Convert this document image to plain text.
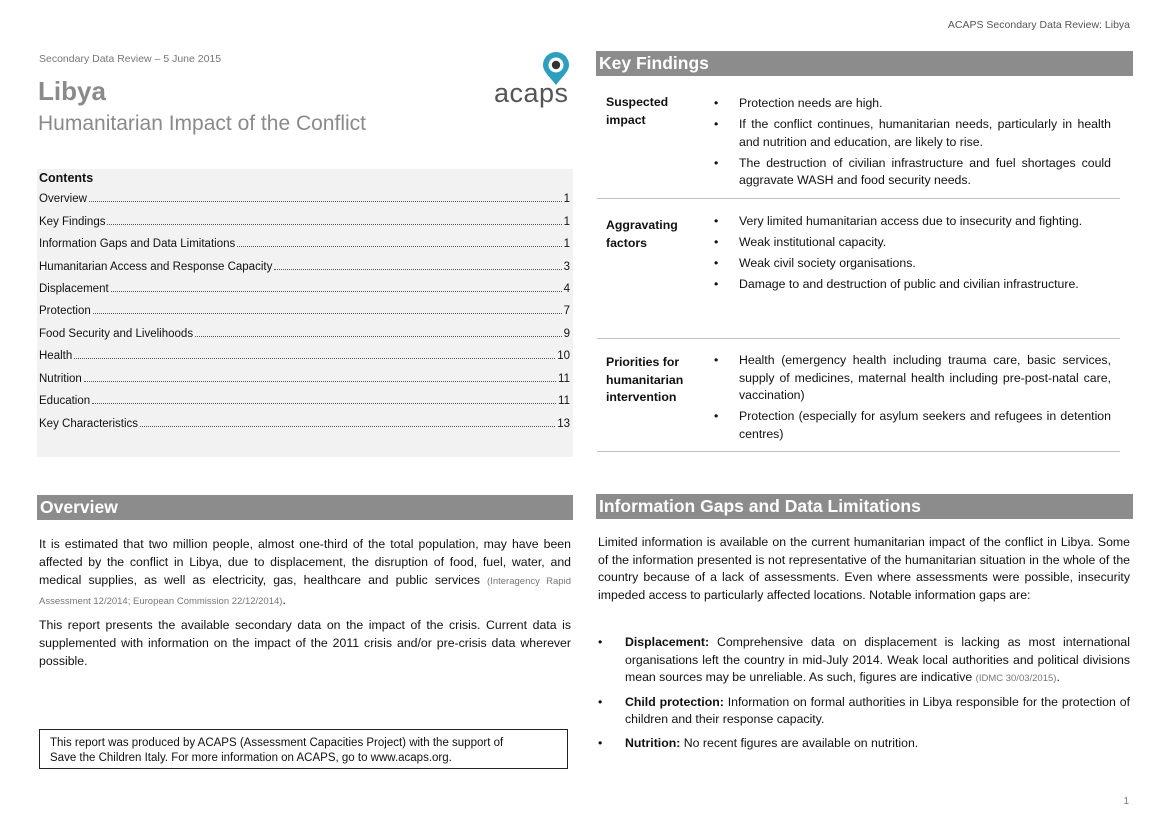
ACAPS Secondary Data Review: Libya
1
Secondary Data Review – 5 June 2015
Libya
Humanitarian Impact of the Conflict
acaps
Contents
Overview	1
Key Findings	1
Information Gaps and Data Limitations	1
Humanitarian Access and Response Capacity	3
Displacement	4
Protection	7
Food Security and Livelihoods	9
Health	10
Nutrition	11
Education	11
Key Characteristics	13
Overview
It is estimated that two million people, almost one-third of the total population, may have been affected by the conflict in Libya, due to displacement, the disruption of food, fuel, water, and medical supplies, as well as electricity, gas, healthcare and public services (Interagency Rapid Assessment 12/2014; European Commission 22/12/2014).
This report presents the available secondary data on the impact of the crisis. Current data is supplemented with information on the impact of the 2011 crisis and/or pre-crisis data wherever possible.
This report was produced by ACAPS (Assessment Capacities Project) with the support of
Save the Children Italy. For more information on ACAPS, go to www.acaps.org.
Key Findings
Suspected
impact
• Protection needs are high.
• If the conflict continues, humanitarian needs, particularly in health and nutrition and education, are likely to rise.
• The destruction of civilian infrastructure and fuel shortages could aggravate WASH and food security needs.
Aggravating
factors
• Very limited humanitarian access due to insecurity and fighting.
• Weak institutional capacity.
• Weak civil society organisations.
• Damage to and destruction of public and civilian infrastructure.
Priorities for
humanitarian
intervention
• Health (emergency health including trauma care, basic services, supply of medicines, maternal health including pre-post-natal care, vaccination)
• Protection (especially for asylum seekers and refugees in detention centres)
Information Gaps and Data Limitations
Limited information is available on the current humanitarian impact of the conflict in Libya. Some of the information presented is not representative of the humanitarian situation in the whole of the country because of a lack of assessments. Even where assessments were possible, insecurity impeded access to particularly affected locations. Notable information gaps are:
• Displacement: Comprehensive data on displacement is lacking as most international organisations left the country in mid-July 2014. Weak local authorities and political divisions mean sources may be unreliable. As such, figures are indicative (IDMC 30/03/2015).
• Child protection: Information on formal authorities in Libya responsible for the protection of children and their response capacity.
• Nutrition: No recent figures are available on nutrition.
